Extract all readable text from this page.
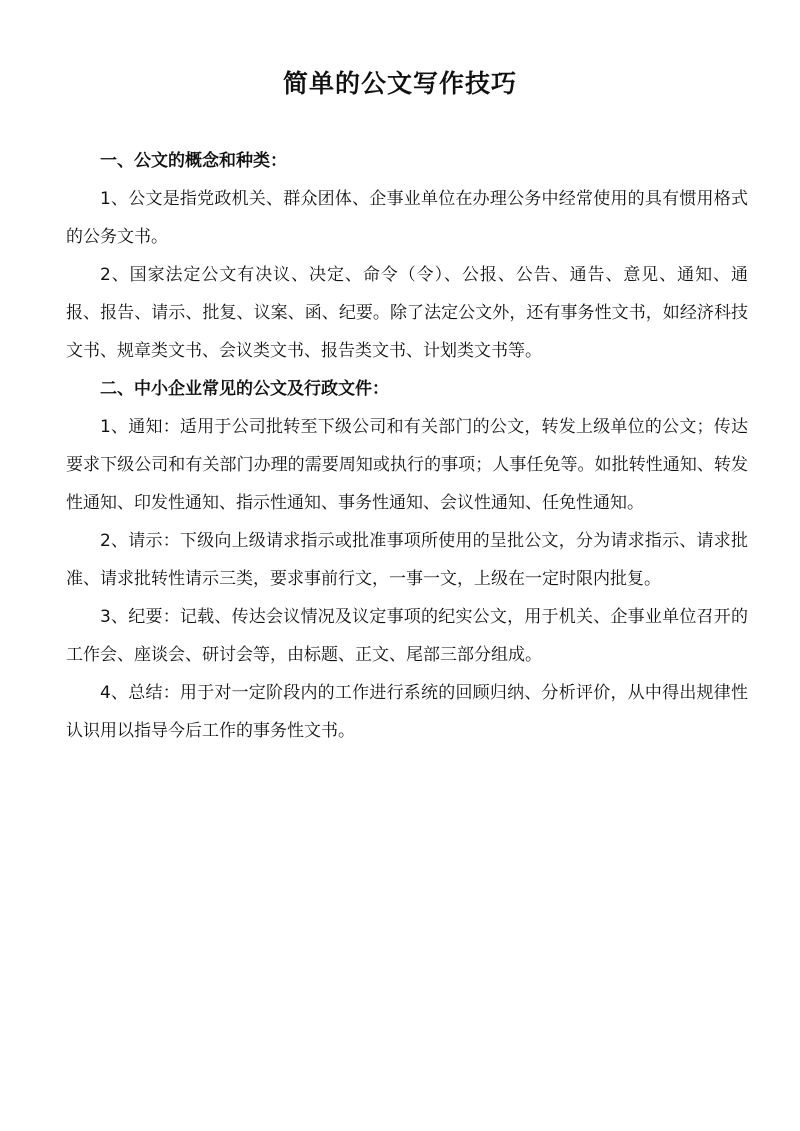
简单的公文写作技巧

一、公文的概念和种类：

1、公文是指党政机关、群众团体、企事业单位在办理公务中经常使用的具有惯用格式的公务文书。

2、国家法定公文有决议、决定、命令（令）、公报、公告、通告、意见、通知、通报、报告、请示、批复、议案、函、纪要。除了法定公文外，还有事务性文书，如经济科技文书、规章类文书、会议类文书、报告类文书、计划类文书等。

二、中小企业常见的公文及行政文件：

1、通知：适用于公司批转至下级公司和有关部门的公文，转发上级单位的公文；传达要求下级公司和有关部门办理的需要周知或执行的事项；人事任免等。如批转性通知、转发性通知、印发性通知、指示性通知、事务性通知、会议性通知、任免性通知。

2、请示：下级向上级请求指示或批准事项所使用的呈批公文，分为请求指示、请求批准、请求批转性请示三类，要求事前行文，一事一文，上级在一定时限内批复。

3、纪要：记载、传达会议情况及议定事项的纪实公文，用于机关、企事业单位召开的工作会、座谈会、研讨会等，由标题、正文、尾部三部分组成。

4、总结：用于对一定阶段内的工作进行系统的回顾归纳、分析评价，从中得出规律性认识用以指导今后工作的事务性文书。
